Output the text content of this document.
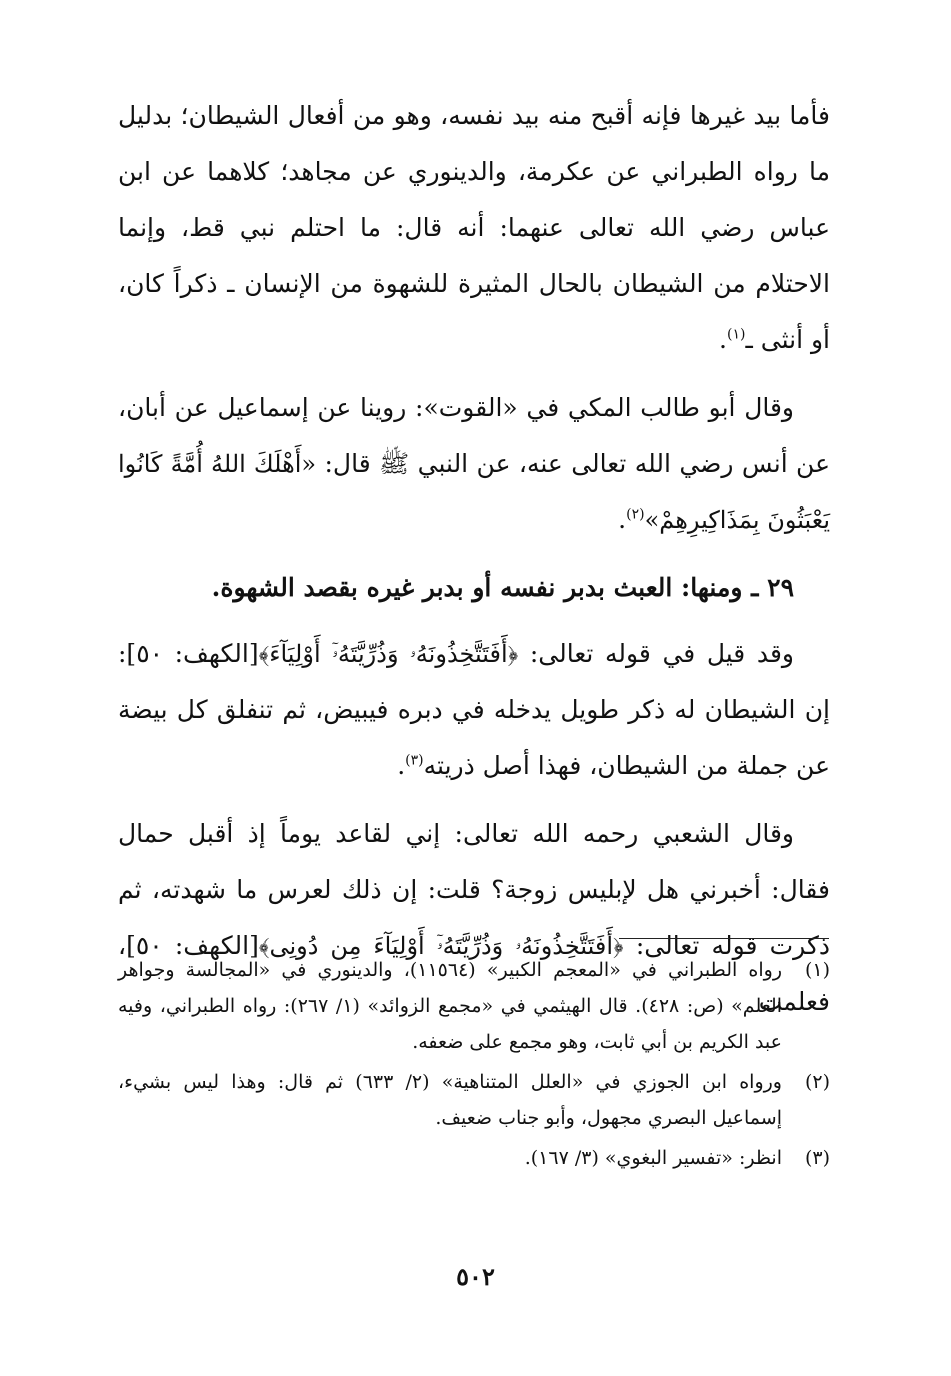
فأما بيد غيرها فإنه أقبح منه بيد نفسه، وهو من أفعال الشيطان؛ بدليل ما رواه الطبراني عن عكرمة، والدينوري عن مجاهد؛ كلاهما عن ابن عباس رضي الله تعالى عنهما: أنه قال: ما احتلم نبي قط، وإنما الاحتلام من الشيطان بالحال المثيرة للشهوة من الإنسان ـ ذكراً كان، أو أنثى ـ$^{(١)}$.

وقال أبو طالب المكي في «القوت»: روينا عن إسماعيل عن أبان، عن أنس رضي الله تعالى عنه، عن النبي ﷺ قال: «أَهْلَكَ اللهُ أُمَّةً كَانُوا يَعْبَثُونَ بِمَذَاكِيرِهِمْ»$^{(٢)}$.

٢٩ ـ ومنها: العبث بدبر نفسه أو بدبر غيره بقصد الشهوة.

وقد قيل في قوله تعالى: ﴿أَفَتَتَّخِذُونَهُۥ وَذُرِّيَّتَهُۥٓ أَوْلِيَآءَ﴾[الكهف: ٥٠]: إن الشيطان له ذكر طويل يدخله في دبره فيبيض، ثم تنفلق كل بيضة عن جملة من الشيطان، فهذا أصل ذريته$^{(٣)}$.

وقال الشعبي رحمه الله تعالى: إني لقاعد يوماً إذ أقبل حمال فقال: أخبرني هل لإبليس زوجة؟ قلت: إن ذلك لعرس ما شهدته، ثم ذكرت قوله تعالى: ﴿أَفَتَتَّخِذُونَهُۥ وَذُرِّيَّتَهُۥٓ أَوْلِيَآءَ مِن دُونِى﴾[الكهف: ٥٠]، فعلمت

(١)
رواه الطبراني في «المعجم الكبير» (١١٥٦٤)، والدينوري في «المجالسة وجواهر العلم» (ص: ٤٢٨). قال الهيثمي في «مجمع الزوائد» (١/ ٢٦٧): رواه الطبراني، وفيه عبد الكريم بن أبي ثابت، وهو مجمع على ضعفه.
(٢)
ورواه ابن الجوزي في «العلل المتناهية» (٢/ ٦٣٣) ثم قال: وهذا ليس بشيء، إسماعيل البصري مجهول، وأبو جناب ضعيف.
(٣)
انظر: «تفسير البغوي» (٣/ ١٦٧).
٥٠٢
